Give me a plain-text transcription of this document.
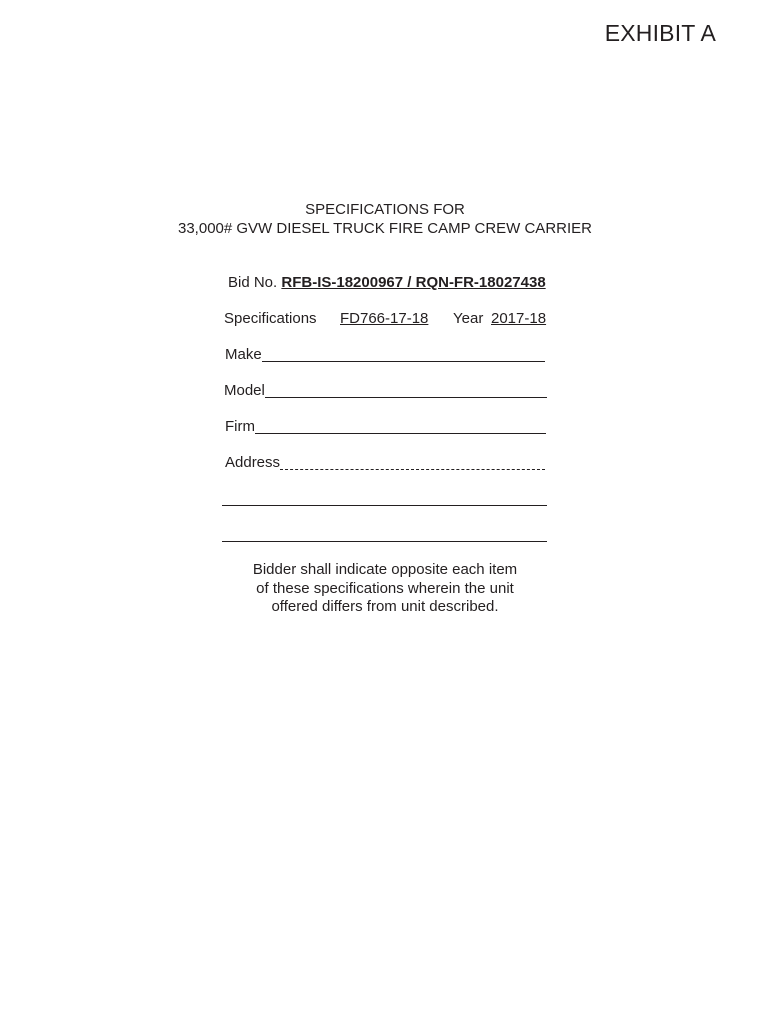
EXHIBIT A
SPECIFICATIONS FOR
33,000# GVW DIESEL TRUCK FIRE CAMP CREW CARRIER
Bid No. RFB-IS-18200967 / RQN-FR-18027438
Specifications FD766-17-18 Year 2017-18
Make
Model
Firm
Address
Bidder shall indicate opposite each item
of these specifications wherein the unit
offered differs from unit described.
